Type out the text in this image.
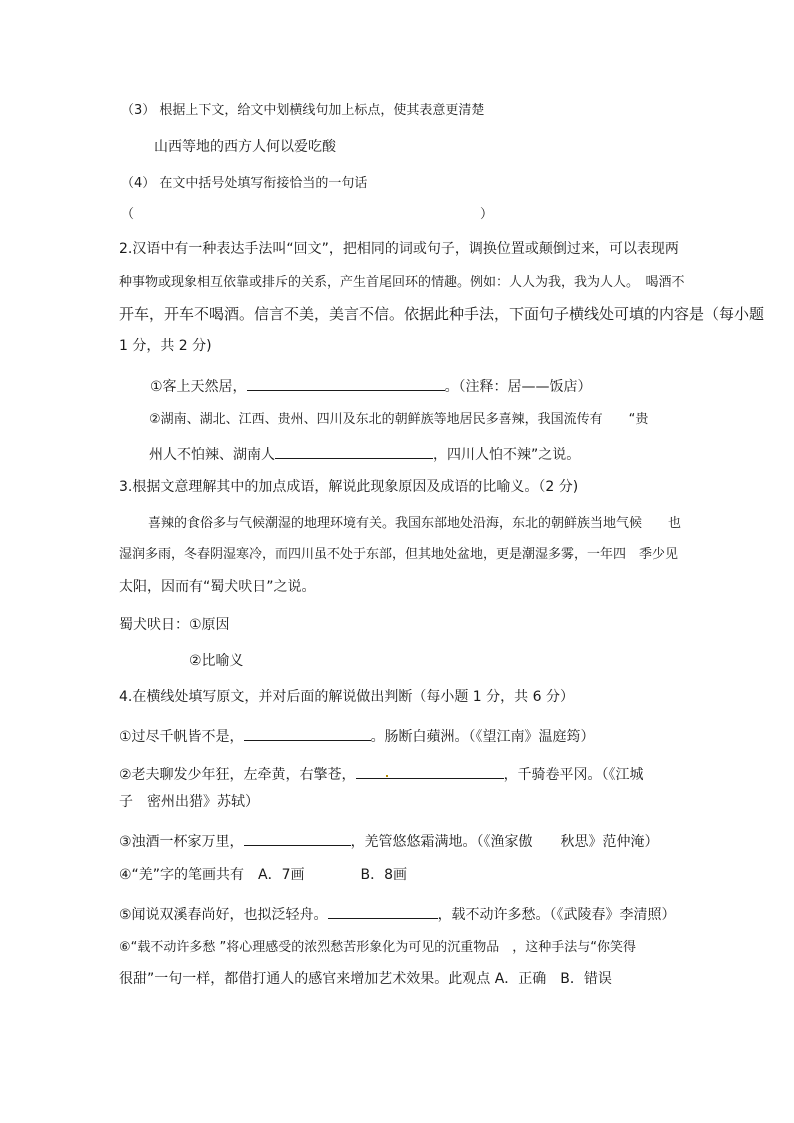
（3） 根据上下文，给文中划横线句加上标点，使其表意更清楚
山西等地的西方人何以爱吃酸
（4） 在文中括号处填写衔接恰当的一句话
（	）
2.汉语中有一种表达手法叫“回文”，把相同的词或句子，调换位置或颠倒过来，可以表现两
种事物或现象相互依靠或排斥的关系，产生首尾回环的情趣。例如：人人为我，我为人人。　喝酒不
开车，开车不喝酒。信言不美，美言不信。依据此种手法，下面句子横线处可填的内容是（每小题
1 分，共 2 分)
①客上天然居，	。（注释：居——饭店）
②湖南、湖北、江西、贵州、四川及东北的朝鲜族等地居民多喜辣，我国流传有　　“贵
州人不怕辣、湖南人	，四川人怕不辣”之说。
3.根据文意理解其中的加点成语，解说此现象原因及成语的比喻义。（2 分)
喜辣的食俗多与气候潮湿的地理环境有关。我国东部地处沿海，东北的朝鲜族当地气候　　也
湿润多雨，冬春阴湿寒冷，而四川虽不处于东部，但其地处盆地，更是潮湿多雾，一年四　季少见
太阳，因而有“蜀犬吠日”之说。
蜀犬吠日：①原因
②比喻义
4.在横线处填写原文，并对后面的解说做出判断（每小题 1 分，共 6 分）
①过尽千帆皆不是，	。肠断白蘋洲。（《望江南》温庭筠）
②老夫聊发少年狂，左牵黄，右擎苍，	，千骑卷平冈。（《江城
子　密州出猎》苏轼）
③浊酒一杯家万里，	，羌管悠悠霜满地。（《渔家傲　　秋思》范仲淹）
④“羌”字的笔画共有　A．7画　　　　B．8画
⑤闻说双溪春尚好，也拟泛轻舟。	，载不动许多愁。（《武陵春》李清照）
⑥“载不动许多愁 ”将心理感受的浓烈愁苦形象化为可见的沉重物品　，这种手法与“你笑得
很甜”一句一样，都借打通人的感官来增加艺术效果。此观点 A．正确　B．错误
